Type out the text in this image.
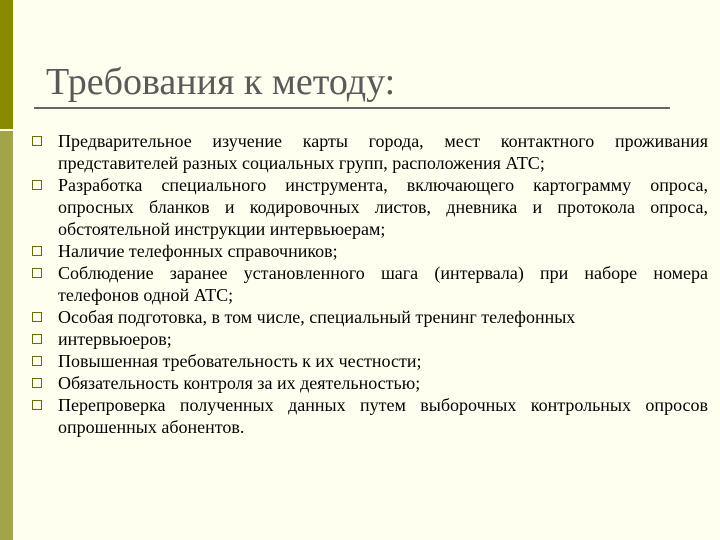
Требования к методу:
Предварительное изучение карты города, мест контактного проживания представителей разных социальных групп, расположения АТС;
Разработка специального инструмента, включающего картограмму опроса, опросных бланков и кодировочных листов, дневника и протокола опроса, обстоятельной инструкции интервьюерам;
Наличие телефонных справочников;
Соблюдение заранее установленного шага (интервала) при наборе номера телефонов одной АТС;
Особая подготовка, в том числе, специальный тренинг телефонных
интервьюеров;
Повышенная требовательность к их честности;
Обязательность контроля за их деятельностью;
Перепроверка полученных данных путем выборочных контрольных опросов опрошенных абонентов.
